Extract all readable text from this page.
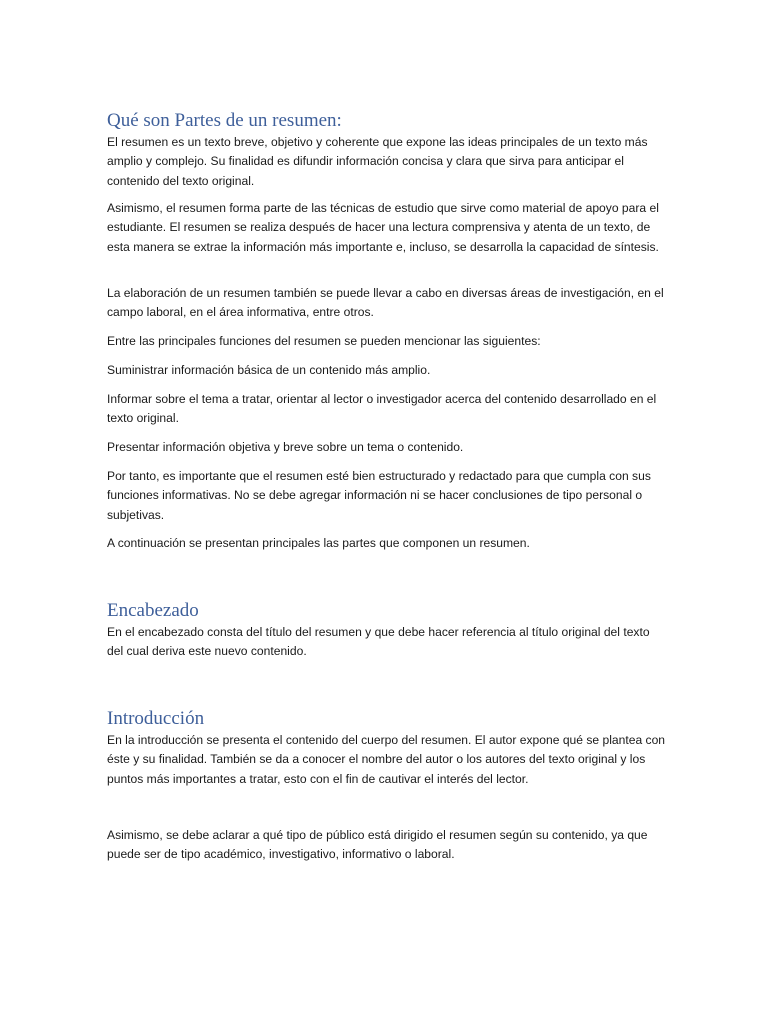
Qué son Partes de un resumen:

El resumen es un texto breve, objetivo y coherente que expone las ideas principales de un texto más amplio y complejo. Su finalidad es difundir información concisa y clara que sirva para anticipar el contenido del texto original.

Asimismo, el resumen forma parte de las técnicas de estudio que sirve como material de apoyo para el estudiante. El resumen se realiza después de hacer una lectura comprensiva y atenta de un texto, de esta manera se extrae la información más importante e, incluso, se desarrolla la capacidad de síntesis.

La elaboración de un resumen también se puede llevar a cabo en diversas áreas de investigación, en el campo laboral, en el área informativa, entre otros.

Entre las principales funciones del resumen se pueden mencionar las siguientes:

Suministrar información básica de un contenido más amplio.

Informar sobre el tema a tratar, orientar al lector o investigador acerca del contenido desarrollado en el texto original.

Presentar información objetiva y breve sobre un tema o contenido.

Por tanto, es importante que el resumen esté bien estructurado y redactado para que cumpla con sus funciones informativas. No se debe agregar información ni se hacer conclusiones de tipo personal o subjetivas.

A continuación se presentan principales las partes que componen un resumen.

Encabezado

En el encabezado consta del título del resumen y que debe hacer referencia al título original del texto del cual deriva este nuevo contenido.

Introducción

En la introducción se presenta el contenido del cuerpo del resumen. El autor expone qué se plantea con éste y su finalidad. También se da a conocer el nombre del autor o los autores del texto original y los puntos más importantes a tratar, esto con el fin de cautivar el interés del lector.

Asimismo, se debe aclarar a qué tipo de público está dirigido el resumen según su contenido, ya que puede ser de tipo académico, investigativo, informativo o laboral.
